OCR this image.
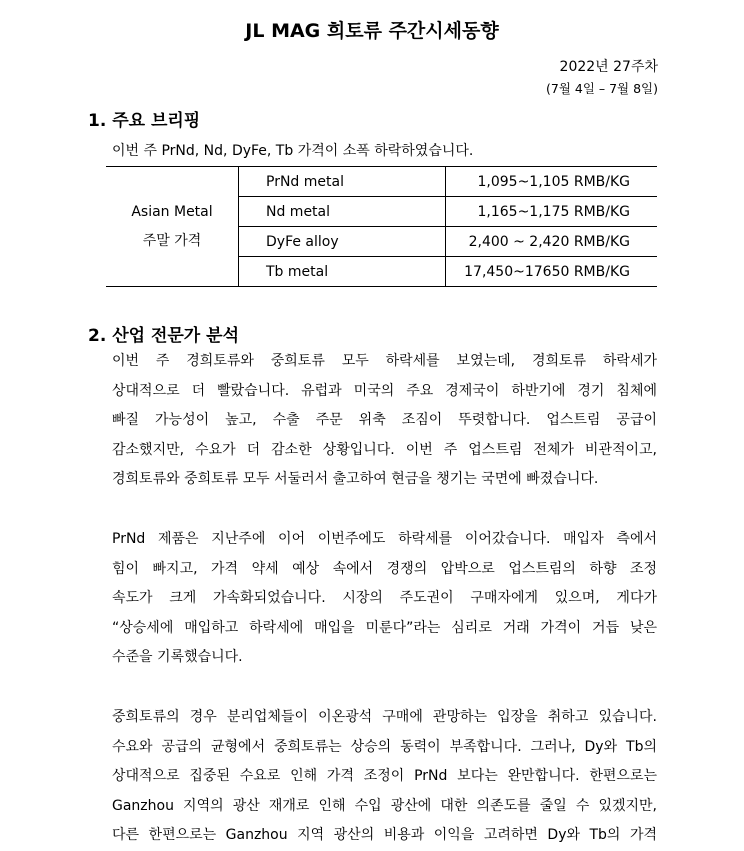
JL MAG 희토류 주간시세동향
2022년 27주차
(7월 4일 – 7월 8일)
1. 주요 브리핑
이번 주 PrNd, Nd, DyFe, Tb 가격이 소폭 하락하였습니다.
Asian Metal
주말 가격	PrNd metal	1,095~1,105 RMB/KG
	Nd metal	1,165~1,175 RMB/KG
	DyFe alloy	2,400 ~ 2,420 RMB/KG
	Tb metal	17,450~17650 RMB/KG
2. 산업 전문가 분석
이번 주 경희토류와 중희토류 모두 하락세를 보였는데, 경희토류 하락세가
상대적으로 더 빨랐습니다. 유럽과 미국의 주요 경제국이 하반기에 경기 침체에
빠질 가능성이 높고, 수출 주문 위축 조짐이 뚜렷합니다. 업스트림 공급이
감소했지만, 수요가 더 감소한 상황입니다. 이번 주 업스트림 전체가 비관적이고,
경희토류와 중희토류 모두 서둘러서 출고하여 현금을 챙기는 국면에 빠졌습니다.
PrNd 제품은 지난주에 이어 이번주에도 하락세를 이어갔습니다. 매입자 측에서
힘이 빠지고, 가격 약세 예상 속에서 경쟁의 압박으로 업스트림의 하향 조정
속도가 크게 가속화되었습니다. 시장의 주도권이 구매자에게 있으며, 게다가
“상승세에 매입하고 하락세에 매입을 미룬다”라는 심리로 거래 가격이 거듭 낮은
수준을 기록했습니다.
중희토류의 경우 분리업체들이 이온광석 구매에 관망하는 입장을 취하고 있습니다.
수요와 공급의 균형에서 중희토류는 상승의 동력이 부족합니다. 그러나, Dy와 Tb의
상대적으로 집중된 수요로 인해 가격 조정이 PrNd 보다는 완만합니다. 한편으로는
Ganzhou 지역의 광산 재개로 인해 수입 광산에 대한 의존도를 줄일 수 있겠지만,
다른 한편으로는 Ganzhou 지역 광산의 비용과 이익을 고려하면 Dy와 Tb의 가격
